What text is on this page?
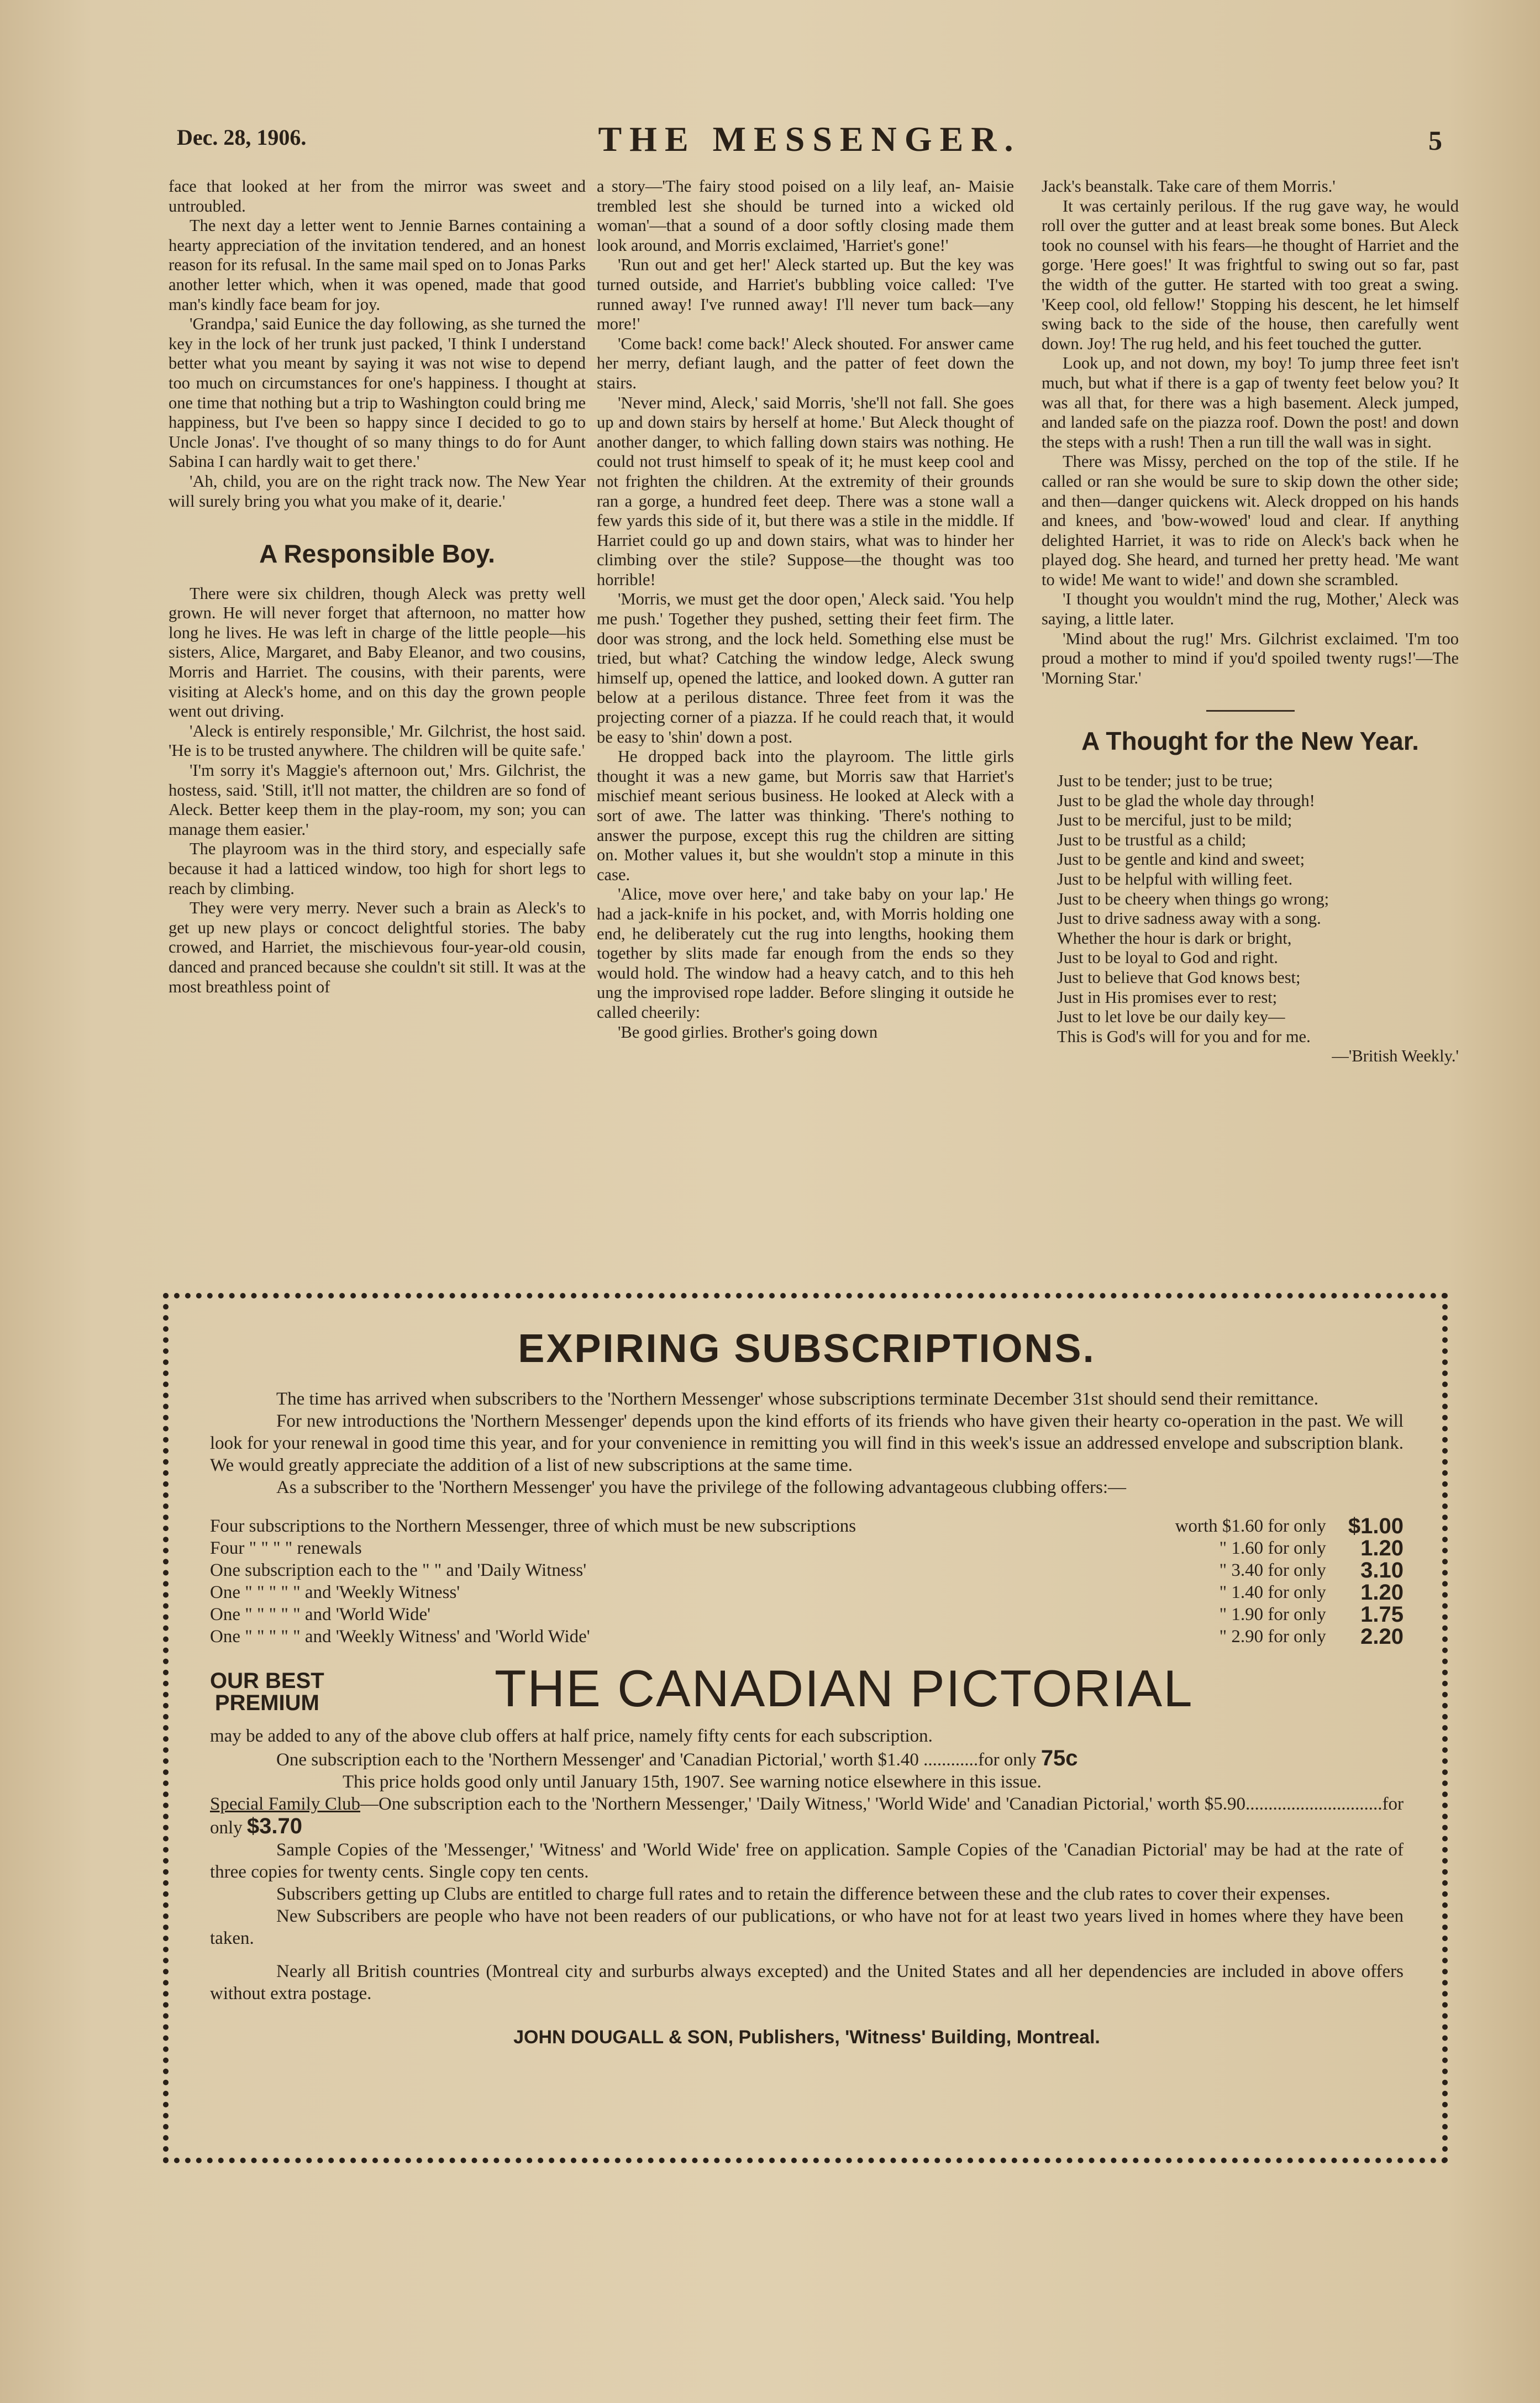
Dec. 28, 1906.	THE MESSENGER.	5

face that looked at her from the mirror was sweet and untroubled.

The next day a letter went to Jennie Barnes containing a hearty appreciation of the invitation tendered, and an honest reason for its refusal. In the same mail sped on to Jonas Parks another letter which, when it was opened, made that good man's kindly face beam for joy.

'Grandpa,' said Eunice the day following, as she turned the key in the lock of her trunk just packed, 'I think I understand better what you meant by saying it was not wise to depend too much on circumstances for one's happiness. I thought at one time that nothing but a trip to Washington could bring me happiness, but I've been so happy since I decided to go to Uncle Jonas'. I've thought of so many things to do for Aunt Sabina I can hardly wait to get there.'

'Ah, child, you are on the right track now. The New Year will surely bring you what you make of it, dearie.'

A Responsible Boy.

There were six children, though Aleck was pretty well grown. He will never forget that afternoon, no matter how long he lives. He was left in charge of the little people—his sisters, Alice, Margaret, and Baby Eleanor, and two cousins, Morris and Harriet. The cousins, with their parents, were visiting at Aleck's home, and on this day the grown people went out driving.

'Aleck is entirely responsible,' Mr. Gilchrist, the host said. 'He is to be trusted anywhere. The children will be quite safe.'

'I'm sorry it's Maggie's afternoon out,' Mrs. Gilchrist, the hostess, said. 'Still, it'll not matter, the children are so fond of Aleck. Better keep them in the play-room, my son; you can manage them easier.'

The playroom was in the third story, and especially safe because it had a latticed window, too high for short legs to reach by climbing.

They were very merry. Never such a brain as Aleck's to get up new plays or concoct delightful stories. The baby crowed, and Harriet, the mischievous four-year-old cousin, danced and pranced because she couldn't sit still. It was at the most breathless point of

a story—'The fairy stood poised on a lily leaf, an- Maisie trembled lest she should be turned into a wicked old woman'—that a sound of a door softly closing made them look around, and Morris exclaimed, 'Harriet's gone!'

'Run out and get her!' Aleck started up. But the key was turned outside, and Harriet's bubbling voice called: 'I've runned away! I've runned away! I'll never tum back—any more!'

'Come back! come back!' Aleck shouted. For answer came her merry, defiant laugh, and the patter of feet down the stairs.

'Never mind, Aleck,' said Morris, 'she'll not fall. She goes up and down stairs by herself at home.' But Aleck thought of another danger, to which falling down stairs was nothing. He could not trust himself to speak of it; he must keep cool and not frighten the children. At the extremity of their grounds ran a gorge, a hundred feet deep. There was a stone wall a few yards this side of it, but there was a stile in the middle. If Harriet could go up and down stairs, what was to hinder her climbing over the stile? Suppose—the thought was too horrible!

'Morris, we must get the door open,' Aleck said. 'You help me push.' Together they pushed, setting their feet firm. The door was strong, and the lock held. Something else must be tried, but what? Catching the window ledge, Aleck swung himself up, opened the lattice, and looked down. A gutter ran below at a perilous distance. Three feet from it was the projecting corner of a piazza. If he could reach that, it would be easy to 'shin' down a post.

He dropped back into the playroom. The little girls thought it was a new game, but Morris saw that Harriet's mischief meant serious business. He looked at Aleck with a sort of awe. The latter was thinking. 'There's nothing to answer the purpose, except this rug the children are sitting on. Mother values it, but she wouldn't stop a minute in this case.

'Alice, move over here,' and take baby on your lap.' He had a jack-knife in his pocket, and, with Morris holding one end, he deliberately cut the rug into lengths, hooking them together by slits made far enough from the ends so they would hold. The window had a heavy catch, and to this heh ung the improvised rope ladder. Before slinging it outside he called cheerily:

'Be good girlies. Brother's going down

Jack's beanstalk. Take care of them Morris.'

It was certainly perilous. If the rug gave way, he would roll over the gutter and at least break some bones. But Aleck took no counsel with his fears—he thought of Harriet and the gorge. 'Here goes!' It was frightful to swing out so far, past the width of the gutter. He started with too great a swing. 'Keep cool, old fellow!' Stopping his descent, he let himself swing back to the side of the house, then carefully went down. Joy! The rug held, and his feet touched the gutter.

Look up, and not down, my boy! To jump three feet isn't much, but what if there is a gap of twenty feet below you? It was all that, for there was a high basement. Aleck jumped, and landed safe on the piazza roof. Down the post! and down the steps with a rush! Then a run till the wall was in sight.

There was Missy, perched on the top of the stile. If he called or ran she would be sure to skip down the other side; and then—danger quickens wit. Aleck dropped on his hands and knees, and 'bow-wowed' loud and clear. If anything delighted Harriet, it was to ride on Aleck's back when he played dog. She heard, and turned her pretty head. 'Me want to wide! Me want to wide!' and down she scrambled.

'I thought you wouldn't mind the rug, Mother,' Aleck was saying, a little later.

'Mind about the rug!' Mrs. Gilchrist exclaimed. 'I'm too proud a mother to mind if you'd spoiled twenty rugs!'—The 'Morning Star.'

A Thought for the New Year.
Just to be tender; just to be true;
Just to be glad the whole day through!
Just to be merciful, just to be mild;
Just to be trustful as a child;
Just to be gentle and kind and sweet;
Just to be helpful with willing feet.
Just to be cheery when things go wrong;
Just to drive sadness away with a song.
Whether the hour is dark or bright,
Just to be loyal to God and right.
Just to believe that God knows best;
Just in His promises ever to rest;
Just to let love be our daily key—
This is God's will for you and for me.
—'British Weekly.'
EXPIRING SUBSCRIPTIONS.

The time has arrived when subscribers to the 'Northern Messenger' whose subscriptions terminate December 31st should send their remittance.

For new introductions the 'Northern Messenger' depends upon the kind efforts of its friends who have given their hearty co-operation in the past. We will look for your renewal in good time this year, and for your convenience in remitting you will find in this week's issue an addressed envelope and subscription blank. We would greatly appreciate the addition of a list of new subscriptions at the same time.

As a subscriber to the 'Northern Messenger' you have the privilege of the following advantageous clubbing offers:—

Four subscriptions to the Northern Messenger, three of which must be new subscriptions	worth $1.60 for only	$1.00
Four " " " " renewals	" 1.60 for only	1.20
One subscription each to the " " and 'Daily Witness'	" 3.40 for only	3.10
One " " " " " and 'Weekly Witness'	" 1.40 for only	1.20
One " " " " " and 'World Wide'	" 1.90 for only	1.75
One " " " " " and 'Weekly Witness' and 'World Wide'	" 2.90 for only	2.20
OUR BEST
PREMIUM	THE CANADIAN PICTORIAL

may be added to any of the above club offers at half price, namely fifty cents for each subscription.

One subscription each to the 'Northern Messenger' and 'Canadian Pictorial,' worth $1.40 ............for only 75c

This price holds good only until January 15th, 1907. See warning notice elsewhere in this issue.

Special Family Club—One subscription each to the 'Northern Messenger,' 'Daily Witness,' 'World Wide' and 'Canadian Pictorial,' worth $5.90..............................for only $3.70

Sample Copies of the 'Messenger,' 'Witness' and 'World Wide' free on application. Sample Copies of the 'Canadian Pictorial' may be had at the rate of three copies for twenty cents. Single copy ten cents.

Subscribers getting up Clubs are entitled to charge full rates and to retain the difference between these and the club rates to cover their expenses.

New Subscribers are people who have not been readers of our publications, or who have not for at least two years lived in homes where they have been taken.

Nearly all British countries (Montreal city and surburbs always excepted) and the United States and all her dependencies are included in above offers without extra postage.

JOHN DOUGALL & SON, Publishers, 'Witness' Building, Montreal.
